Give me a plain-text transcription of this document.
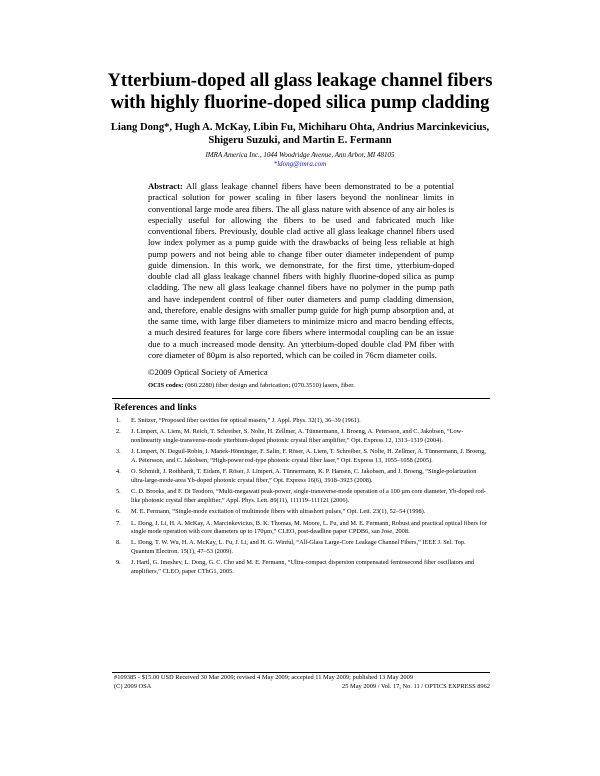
Ytterbium-doped all glass leakage channel fibers
with highly fluorine-doped silica pump cladding
Liang Dong*, Hugh A. McKay, Libin Fu, Michiharu Ohta, Andrius Marcinkevicius,
Shigeru Suzuki, and Martin E. Fermann
IMRA America Inc., 1044 Woodridge Avenue, Ann Arbor, MI 48105
*ldong@imra.com
Abstract: All glass leakage channel fibers have been demonstrated to be a potential practical solution for power scaling in fiber lasers beyond the nonlinear limits in conventional large mode area fibers. The all glass nature with absence of any air holes is especially useful for allowing the fibers to be used and fabricated much like conventional fibers. Previously, double clad active all glass leakage channel fibers used low index polymer as a pump guide with the drawbacks of being less reliable at high pump powers and not being able to change fiber outer diameter independent of pump guide dimension. In this work, we demonstrate, for the first time, ytterbium-doped double clad all glass leakage channel fibers with highly fluorine-doped silica as pump cladding. The new all glass leakage channel fibers have no polymer in the pump path and have independent control of fiber outer diameters and pump cladding dimension, and, therefore, enable designs with smaller pump guide for high pump absorption and, at the same time, with large fiber diameters to minimize micro and macro bending effects, a much desired features for large core fibers where intermodal coupling can be an issue due to a much increased mode density. An ytterbium-doped double clad PM fiber with core diameter of 80µm is also reported, which can be coiled in 76cm diameter coils.
©2009 Optical Society of America
OCIS codes: (060.2280) fiber design and fabrication; (070.3510) lasers, fiber.
References and links
1. E. Snitzer, “Proposed fiber cavities for optical masers,” J. Appl. Phys. 32(1), 36–39 (1961).
2. J. Limpert, A. Liem, M. Reich, T. Schreiber, S. Nolte, H. Zellmer, A. Tünnermann, J. Broeng, A. Petersson, and C. Jakobsen, “Low-nonlinearity single-transverse-mode ytterbium-doped photonic crystal fiber amplifier,” Opt. Express 12, 1313–1319 (2004).
3. J. Limpert, N. Deguil-Robin, I. Manek-Hönninger, F. Salin, F. Röser, A. Liem, T. Schreiber, S. Nolte, H. Zellmer, A. Tünnermann, J. Broeng, A. Petersson, and C. Jakobsen, “High-power rod-type photonic crystal fiber laser,” Opt. Express 13, 1055–1058 (2005).
4. O. Schmidt, J. Rothhardt, T. Eidam, F. Röser, J. Limpert, A. Tünnermann, K. P. Hansen, C. Jakobsen, and J. Broeng, “Single-polarization ultra-large-mode-area Yb-doped photonic crystal fiber,” Opt. Express 16(6), 3918–3923 (2008).
5. C. D. Brooks, and F. Di Teodoro, “Multi-megawatt peak-power, single-transverse-mode operation of a 100 µm core diameter, Yb-doped rod-like photonic crystal fiber amplifier,” Appl. Phys. Lett. 89(11), 111119–111121 (2006).
6. M. E. Fermann, “Single-mode excitation of multimode fibers with ultrashort pulses,” Opt. Lett. 23(1), 52–54 (1998).
7. L. Dong, J. Li, H. A. McKay, A. Marcinkevicius, B. K. Thomas, M. Moore, L. Fu, and M. E. Fermann, Robust and practical optical fibers for single mode operation with core diameters up to 170µm,” CLEO, post-deadline paper CPDB6, san Jose, 2008.
8. L. Dong, T. W. Wu, H. A. McKay, L. Fu, J. Li, and H. G. Winful, “All-Glass Large-Core Leakage Channel Fibers,” IEEE J. Sel. Top. Quantum Electron. 15(1), 47–53 (2009).
9. J. Hartl, G. Imeshev, L. Dong, G. C. Cho and M. E. Fermann, “Ultra-compact dispersion compensated femtosecond fiber oscillators and amplifiers,” CLEO, paper CThG1, 2005.
#109385 - $15.00 USD Received 30 Mar 2009; revised 4 May 2009; accepted 11 May 2009; published 13 May 2009
(C) 2009 OSA	25 May 2009 / Vol. 17, No. 11 / OPTICS EXPRESS 8962
